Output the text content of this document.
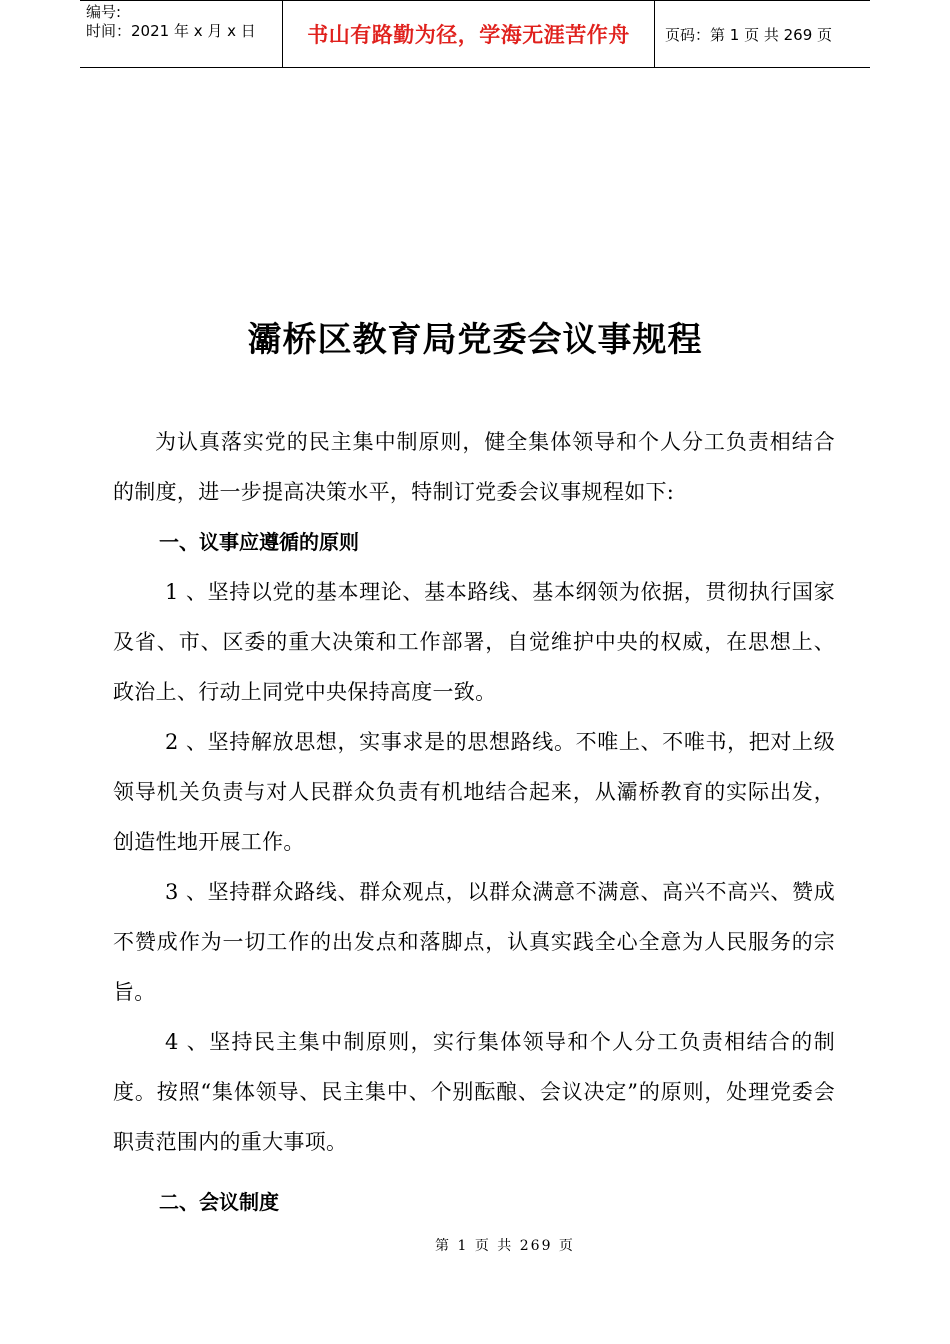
编号:
时间：2021 年 x 月 x 日	书山有路勤为径，学海无涯苦作舟 页码：第 1 页 共 269 页
灞桥区教育局党委会议事规程

为认真落实党的民主集中制原则，健全集体领导和个人分工负责相结合的制度，进一步提高决策水平，特制订党委会议事规程如下:

一、议事应遵循的原则

1 、坚持以党的基本理论、基本路线、基本纲领为依据，贯彻执行国家及省、市、区委的重大决策和工作部署，自觉维护中央的权威，在思想上、政治上、行动上同党中央保持高度一致。

2 、坚持解放思想，实事求是的思想路线。不唯上、不唯书，把对上级领导机关负责与对人民群众负责有机地结合起来，从灞桥教育的实际出发，创造性地开展工作。

3 、坚持群众路线、群众观点，以群众满意不满意、高兴不高兴、赞成不赞成作为一切工作的出发点和落脚点，认真实践全心全意为人民服务的宗旨。

4 、坚持民主集中制原则，实行集体领导和个人分工负责相结合的制度。按照“集体领导、民主集中、个别酝酿、会议决定”的原则，处理党委会职责范围内的重大事项。

二、会议制度

第 1 页 共 269 页
